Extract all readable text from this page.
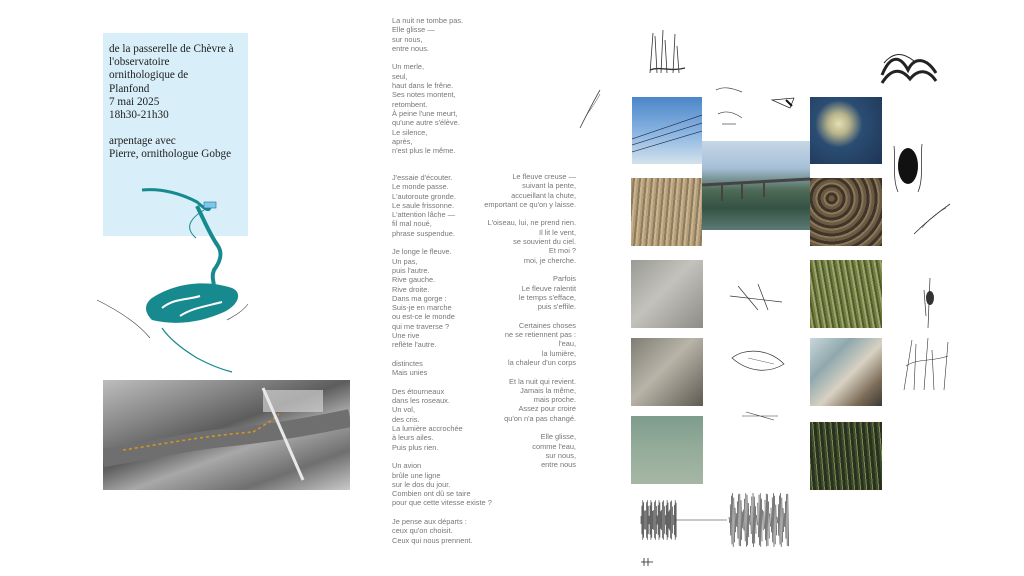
de la passerelle de Chèvre à
l'observatoire
ornithologique de
Planfond
7 mai 2025
18h30-21h30
arpentage avec
Pierre, ornithologue Gobge
La nuit ne tombe pas.
Elle glisse —
sur nous,
entre nous.
Un merle,
seul,
haut dans le frêne.
Ses notes montent,
retombent.
À peine l'une meurt,
qu'une autre s'élève.
Le silence,
après,
n'est plus le même.
J'essaie d'écouter.
Le monde passe.
L'autoroute gronde.
Le saule frissonne.
L'attention lâche —
fil mal noué,
phrase suspendue.
Je longe le fleuve.
Un pas,
puis l'autre.
Rive gauche.
Rive droite.
Dans ma gorge :
Suis-je en marche
ou est-ce le monde
qui me traverse ?
Une rive
reflète l'autre.
distinctes
Mais unies
Des étourneaux
dans les roseaux.
Un vol,
des cris.
La lumière accrochée
à leurs ailes.
Puis plus rien.
Un avion
brûle une ligne
sur le dos du jour.
Combien ont dû se taire
pour que cette vitesse existe ?
Je pense aux départs :
ceux qu'on choisit.
Ceux qui nous prennent.
Le fleuve creuse —
suivant la pente,
accueillant la chute,
emportant ce qu'on y laisse.
L'oiseau, lui, ne prend rien.
Il lit le vent,
se souvient du ciel.
Et moi ?
moi, je cherche.
Parfois
Le fleuve ralentit
le temps s'efface,
puis s'effile.
Certaines choses
ne se retiennent pas :
l'eau,
la lumière,
la chaleur d'un corps
Et la nuit qui revient.
Jamais la même,
mais proche.
Assez pour croire
qu'on n'a pas changé.
Elle glisse,
comme l'eau,
sur nous,
entre nous
